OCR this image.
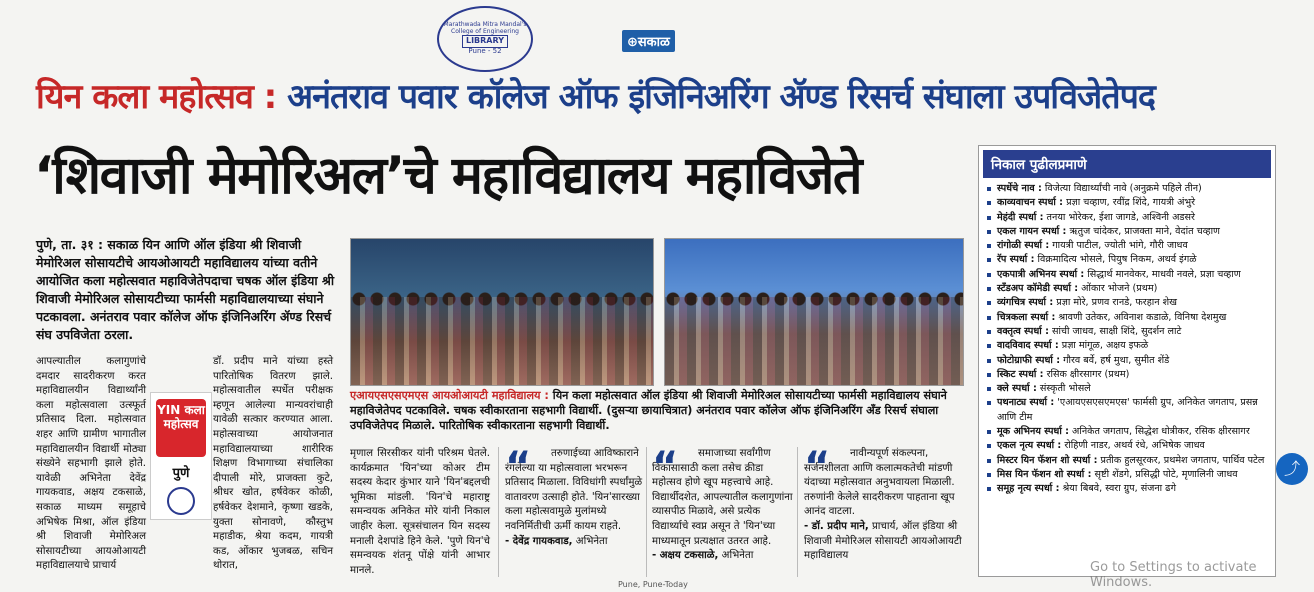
Marathwada Mitra Mandal's College of Engineering
LIBRARY
Pune - 52
⊕सकाळ
यिन कला महोत्सव : अनंतराव पवार कॉलेज ऑफ इंजिनिअरिंग ॲण्ड रिसर्च संघाला उपविजेतेपद
‘शिवाजी मेमोरिअल’चे महाविद्यालय महाविजेते
पुणे, ता. ३१ : सकाळ यिन आणि ऑल इंडिया श्री शिवाजी मेमोरिअल सोसायटीचे आयओआयटी महाविद्यालय यांच्या वतीने आयोजित कला महोत्सवात महाविजेतेपदाचा चषक ऑल इंडिया श्री शिवाजी मेमोरिअल सोसायटीच्या फार्मसी महाविद्यालयाच्या संघाने पटकावला. अनंतराव पवार कॉलेज ऑफ इंजिनिअरिंग ॲण्ड रिसर्च संघ उपविजेता ठरला.
आपल्यातील कलागुणांचे दमदार सादरीकरण करत महाविद्यालयीन विद्यार्थ्यांनी कला महोत्सवाला उत्स्फूर्त प्रतिसाद दिला. महोत्सवात शहर आणि ग्रामीण भागातील महाविद्यालयीन विद्यार्थी मोठ्या संख्येने सहभागी झाले होते. यावेळी अभिनेता देवेंद्र गायकवाड, अक्षय टकसाळे, सकाळ माध्यम समूहाचे अभिषेक मिश्रा, ऑल इंडिया श्री शिवाजी मेमोरिअल सोसायटीच्या आयओआयटी महाविद्यालयाचे प्राचार्य
YIN कला महोत्सव
पुणे
डॉ. प्रदीप माने यांच्या हस्ते पारितोषिक वितरण झाले. महोत्सवातील स्पर्धेत परीक्षक म्हणून आलेल्या मान्यवरांचाही यावेळी सत्कार करण्यात आला. महोत्सवाच्या आयोजनात महाविद्यालयाच्या शारीरिक शिक्षण विभागाच्या संचालिका दीपाली मोरे, प्राजक्ता कुटे, श्रीधर खोत, हर्षवेकर कोळी, हर्षवेकर देशमाने, कृष्णा खडके, युक्ता सोनावणे, कौस्तुभ महाडीक, श्रेया कदम, गायत्री कड, ओंकार भुजबळ, सचिन थोरात,
एआयएसएसएमएस आयओआयटी महाविद्यालय : यिन कला महोत्सवात ऑल इंडिया श्री शिवाजी मेमोरिअल सोसायटीच्या फार्मसी महाविद्यालय संघाने महाविजेतेपद पटकाविले. चषक स्वीकारताना सहभागी विद्यार्थी. (दुसऱ्या छायाचित्रात) अनंतराव पवार कॉलेज ऑफ इंजिनिअरिंग ॲंड रिसर्च संघाला उपविजेतेपद मिळाले. पारितोषिक स्वीकारताना सहभागी विद्यार्थी.
मृणाल सिरसीकर यांनी परिश्रम घेतले. कार्यक्रमात 'यिन'च्या कोअर टीम सदस्य केदार कुंभार याने 'यिन'बद्दलची भूमिका मांडली. 'यिन'चे महाराष्ट्र समन्वयक अनिकेत मोरे यांनी निकाल जाहीर केला. सूत्रसंचालन यिन सदस्य मनाली देशपांडे हिने केले. 'पुणे यिन'चे समन्वयक शंतनू पोंक्षे यांनी आभार मानले.
“	तरुणाईच्या आविष्काराने रंगलेल्या या महोत्सवाला भरभरून प्रतिसाद मिळाला. विविधांगी स्पर्धांमुळे वातावरण उत्साही होते. 'यिन'सारख्या कला महोत्सवामुळे मुलांमध्ये नवनिर्मितीची ऊर्मी कायम राहते.
- देवेंद्र गायकवाड, अभिनेता
“	समाजाच्या सर्वांगीण विकासासाठी कला तसेच क्रीडा महोत्सव होणे खूप महत्त्वाचे आहे. विद्यार्थीदशेत, आपल्यातील कलागुणांना व्यासपीठ मिळावे, असे प्रत्येक विद्यार्थ्याचे स्वप्न असून ते 'यिन'च्या माध्यमातून प्रत्यक्षात उतरत आहे.
- अक्षय टकसाळे, अभिनेता
“	नावीन्यपूर्ण संकल्पना, सर्जनशीलता आणि कलात्मकतेची मांडणी यंदाच्या महोत्सवात अनुभवायला मिळाली. तरुणांनी केलेले सादरीकरण पाहताना खूप आनंद वाटला.
- डॉ. प्रदीप माने, प्राचार्य, ऑल इंडिया श्री शिवाजी मेमोरिअल सोसायटी आयओआयटी महाविद्यालय
Pune, Pune-Today
निकाल पुढीलप्रमाणे
स्पर्धेचे नाव : विजेत्या विद्यार्थ्यांची नावे (अनुक्रमे पहिले तीन)
काव्यवाचन स्पर्धा : प्रज्ञा चव्हाण, रवींद्र शिंदे, गायत्री अंभुरे
मेहंदी स्पर्धा : तनया भोरेकर, ईशा जागडे, अश्विनी अडसरे
एकल गायन स्पर्धा : ऋतुज चांदेकर, प्राजक्ता माने, वेदांत चव्हाण
रांगोळी स्पर्धा : गायत्री पाटील, ज्योती भांगे, गौरी जाधव
रॅप स्पर्धा : विक्रमादित्य भोसले, पियुष निकम, अथर्व इंगळे
एकपात्री अभिनय स्पर्धा : सिद्धार्थ मानवेकर, माधवी नवले, प्रज्ञा चव्हाण
स्टॅंडअप कॉमेडी स्पर्धा : ओंकार भोजने (प्रथम)
व्यंगचित्र स्पर्धा : प्रज्ञा मोरे, प्रणव रानडे, फरहान शेख
चित्रकला स्पर्धा : श्रावणी उतेकर, अविनाश कडाळे, विनिषा देशमुख
वक्तृत्व स्पर्धा : सांची जाधव, साक्षी शिंदे, सुदर्शन लाटे
वादविवाद स्पर्धा : प्रज्ञा मांगूळ, अक्षय इफळे
फोटोग्राफी स्पर्धा : गौरव बर्वे, हर्ष मुथा, सुमीत शेंडे
स्किट स्पर्धा : रसिक क्षीरसागर (प्रथम)
क्ले स्पर्धा : संस्कृती भोसले
पथनाट्य स्पर्धा : 'एआयएसएसएमएस' फार्मसी ग्रुप, अनिकेत जगताप, प्रसन्न आणि टीम
मूक अभिनय स्पर्धा : अनिकेत जगताप, सिद्धेश धोत्रीकर, रसिक क्षीरसागर
एकल नृत्य स्पर्धा : रोहिणी नाडर, अथर्व रंधे, अभिषेक जाधव
मिस्टर यिन फॅशन शो स्पर्धा : प्रतीक हुलसूरकर, प्रथमेश जगताप, पार्थिव पटेल
मिस यिन फॅशन शो स्पर्धा : सृष्टी शेंडगे, प्रसिद्धी पोटे, मृणालिनी जाधव
समूह नृत्य स्पर्धा : श्रेया बिबवे, स्वरा ग्रुप, संजना ढगे
⤴
Go to Settings to activate Windows.
